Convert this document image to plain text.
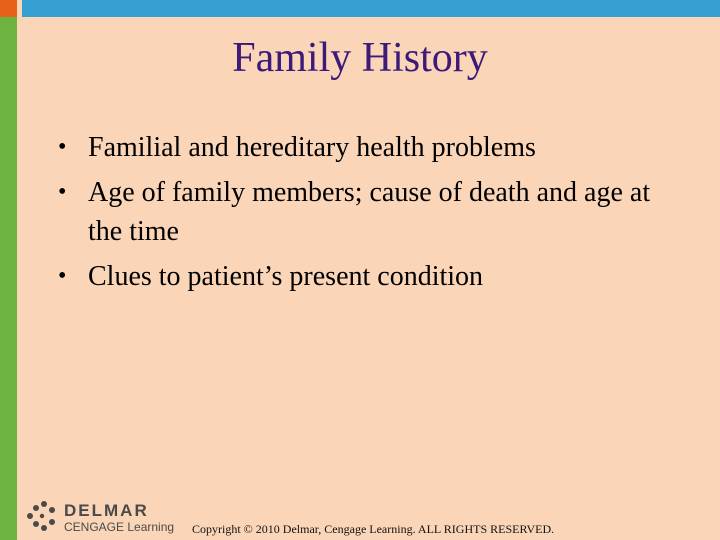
Family History
• Familial and hereditary health problems
• Age of family members; cause of death and age at the time
• Clues to patient’s present condition
DELMAR
CENGAGE Learning Copyright © 2010 Delmar, Cengage Learning. ALL RIGHTS RESERVED.
